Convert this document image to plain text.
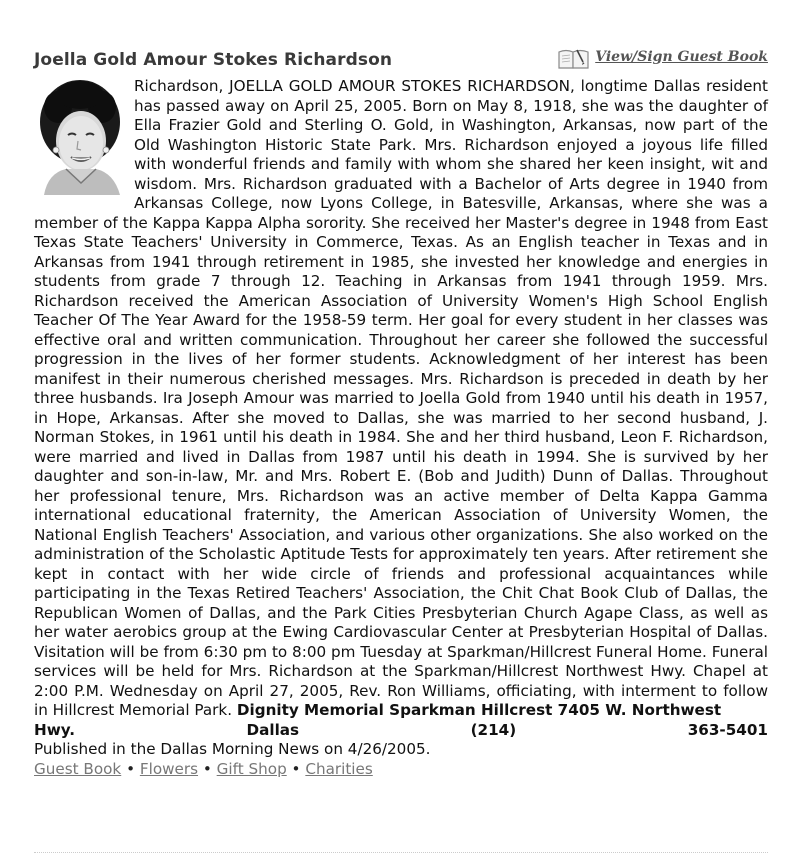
Joella Gold Amour Stokes Richardson	View/Sign Guest Book

Richardson, JOELLA GOLD AMOUR STOKES RICHARDSON, longtime Dallas resident has passed away on April 25, 2005. Born on May 8, 1918, she was the daughter of Ella Frazier Gold and Sterling O. Gold, in Washington, Arkansas, now part of the Old Washington Historic State Park. Mrs. Richardson enjoyed a joyous life filled with wonderful friends and family with whom she shared her keen insight, wit and wisdom. Mrs. Richardson graduated with a Bachelor of Arts degree in 1940 from Arkansas College, now Lyons College, in Batesville, Arkansas, where she was a member of the Kappa Kappa Alpha sorority. She received her Master's degree in 1948 from East Texas State Teachers' University in Commerce, Texas. As an English teacher in Texas and in Arkansas from 1941 through retirement in 1985, she invested her knowledge and energies in students from grade 7 through 12. Teaching in Arkansas from 1941 through 1959. Mrs. Richardson received the American Association of University Women's High School English Teacher Of The Year Award for the 1958-59 term. Her goal for every student in her classes was effective oral and written communication. Throughout her career she followed the successful progression in the lives of her former students. Acknowledgment of her interest has been manifest in their numerous cherished messages. Mrs. Richardson is preceded in death by her three husbands. Ira Joseph Amour was married to Joella Gold from 1940 until his death in 1957, in Hope, Arkansas. After she moved to Dallas, she was married to her second husband, J. Norman Stokes, in 1961 until his death in 1984. She and her third husband, Leon F. Richardson, were married and lived in Dallas from 1987 until his death in 1994. She is survived by her daughter and son-in-law, Mr. and Mrs. Robert E. (Bob and Judith) Dunn of Dallas. Throughout her professional tenure, Mrs. Richardson was an active member of Delta Kappa Gamma international educational fraternity, the American Association of University Women, the National English Teachers' Association, and various other organizations. She also worked on the administration of the Scholastic Aptitude Tests for approximately ten years. After retirement she kept in contact with her wide circle of friends and professional acquaintances while participating in the Texas Retired Teachers' Association, the Chit Chat Book Club of Dallas, the Republican Women of Dallas, and the Park Cities Presbyterian Church Agape Class, as well as her water aerobics group at the Ewing Cardiovascular Center at Presbyterian Hospital of Dallas. Visitation will be from 6:30 pm to 8:00 pm Tuesday at Sparkman/Hillcrest Funeral Home. Funeral services will be held for Mrs. Richardson at the Sparkman/Hillcrest Northwest Hwy. Chapel at 2:00 P.M. Wednesday on April 27, 2005, Rev. Ron Williams, officiating, with interment to follow in Hillcrest Memorial Park. Dignity Memorial Sparkman Hillcrest 7405 W. Northwest

Hwy.	Dallas	(214)	363-5401

Published in the Dallas Morning News on 4/26/2005.

Guest Book • Flowers • Gift Shop • Charities
